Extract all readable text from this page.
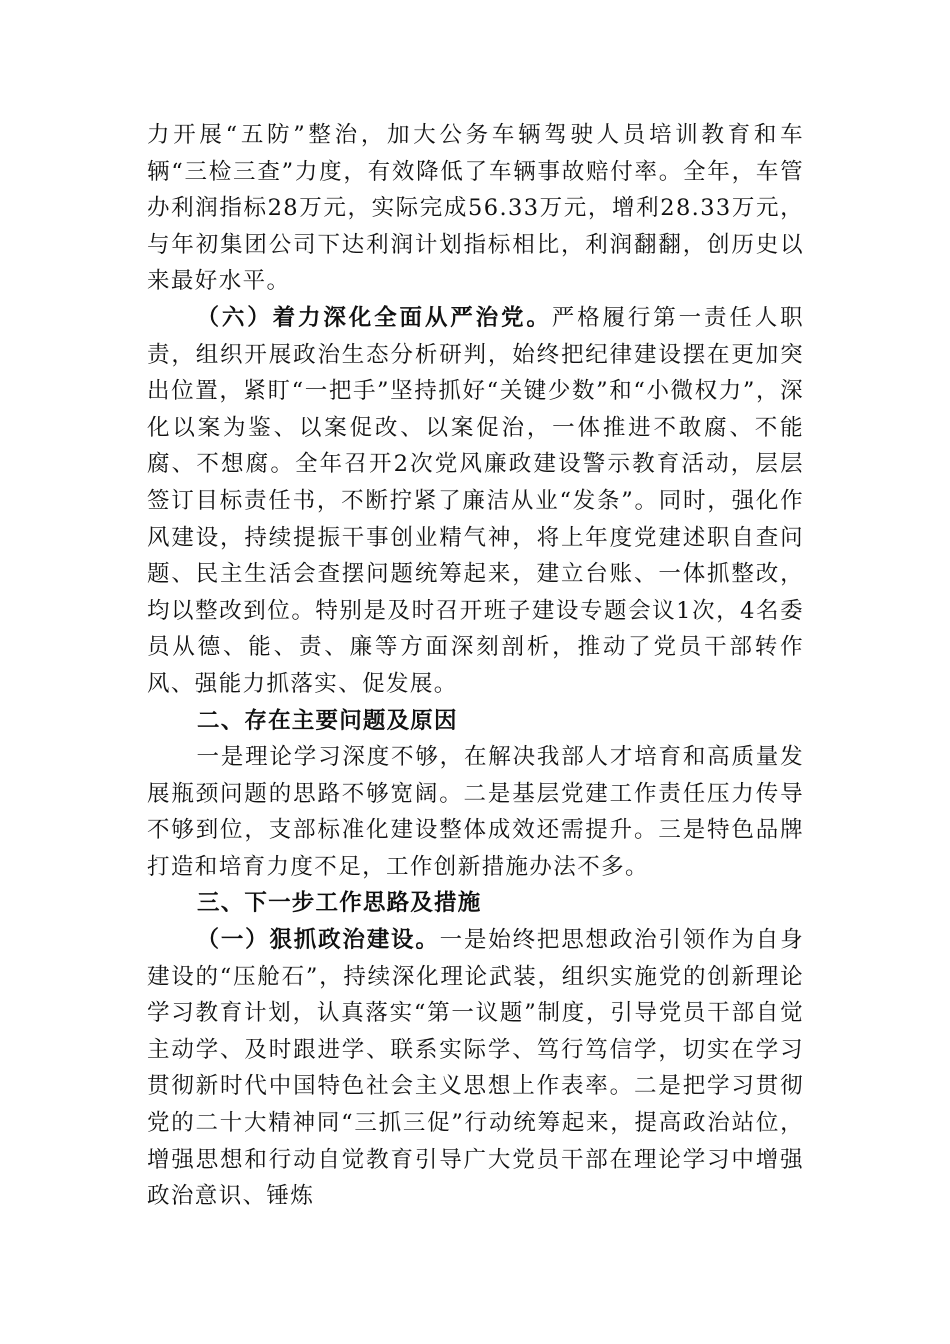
力开展“五防”整治，加大公务车辆驾驶人员培训教育和车辆“三检三查”力度，有效降低了车辆事故赔付率。全年，车管办利润指标28万元，实际完成56.33万元，增利28.33万元，与年初集团公司下达利润计划指标相比，利润翻翻，创历史以来最好水平。

（六）着力深化全面从严治党。严格履行第一责任人职责，组织开展政治生态分析研判，始终把纪律建设摆在更加突出位置，紧盯“一把手”坚持抓好“关键少数”和“小微权力”，深化以案为鉴、以案促改、以案促治，一体推进不敢腐、不能腐、不想腐。全年召开2次党风廉政建设警示教育活动，层层签订目标责任书，不断拧紧了廉洁从业“发条”。同时，强化作风建设，持续提振干事创业精气神，将上年度党建述职自查问题、民主生活会查摆问题统筹起来，建立台账、一体抓整改，均以整改到位。特别是及时召开班子建设专题会议1次，4名委员从德、能、责、廉等方面深刻剖析，推动了党员干部转作风、强能力抓落实、促发展。

二、存在主要问题及原因

一是理论学习深度不够，在解决我部人才培育和高质量发展瓶颈问题的思路不够宽阔。二是基层党建工作责任压力传导不够到位，支部标准化建设整体成效还需提升。三是特色品牌打造和培育力度不足，工作创新措施办法不多。

三、下一步工作思路及措施

（一）狠抓政治建设。一是始终把思想政治引领作为自身建设的“压舱石”，持续深化理论武装，组织实施党的创新理论学习教育计划，认真落实“第一议题”制度，引导党员干部自觉主动学、及时跟进学、联系实际学、笃行笃信学，切实在学习贯彻新时代中国特色社会主义思想上作表率。二是把学习贯彻党的二十大精神同“三抓三促”行动统筹起来，提高政治站位，增强思想和行动自觉教育引导广大党员干部在理论学习中增强政治意识、锤炼
